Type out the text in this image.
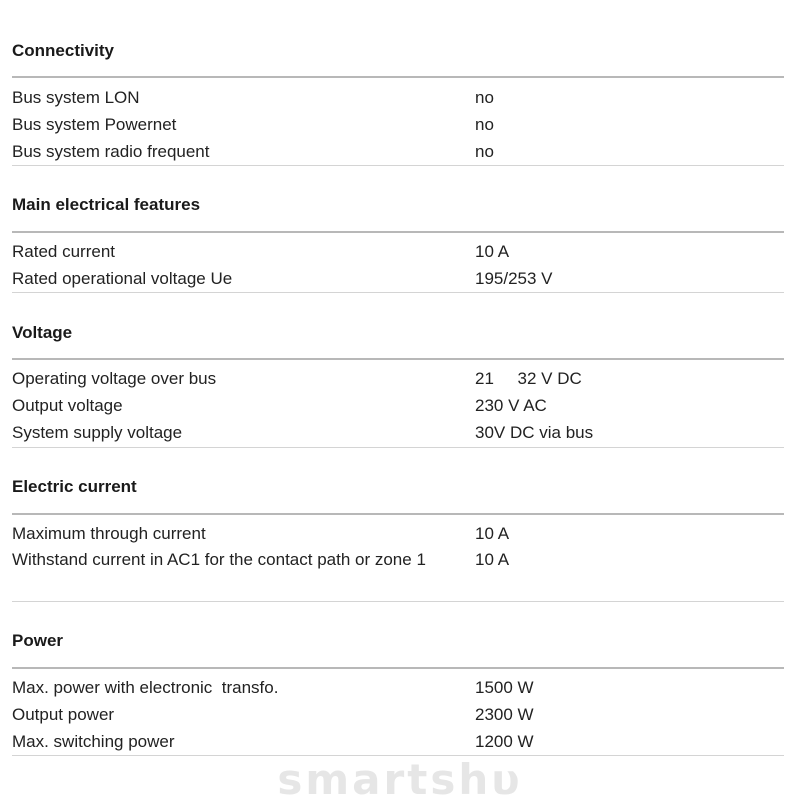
Connectivity
Bus system LON	no
Bus system Powernet	no
Bus system radio frequent	no
Main electrical features
Rated current	10 A
Rated operational voltage Ue	195/253 V
Voltage
Operating voltage over bus	21     32 V DC
Output voltage	230 V AC
System supply voltage	30V DC via bus
Electric current
Maximum through current	10 A
Withstand current in AC1 for the contact path or zone 1	10 A
Power
Max. power with electronic  transfo.	1500 W
Output power	2300 W
Max. switching power	1200 W
smartshυ
